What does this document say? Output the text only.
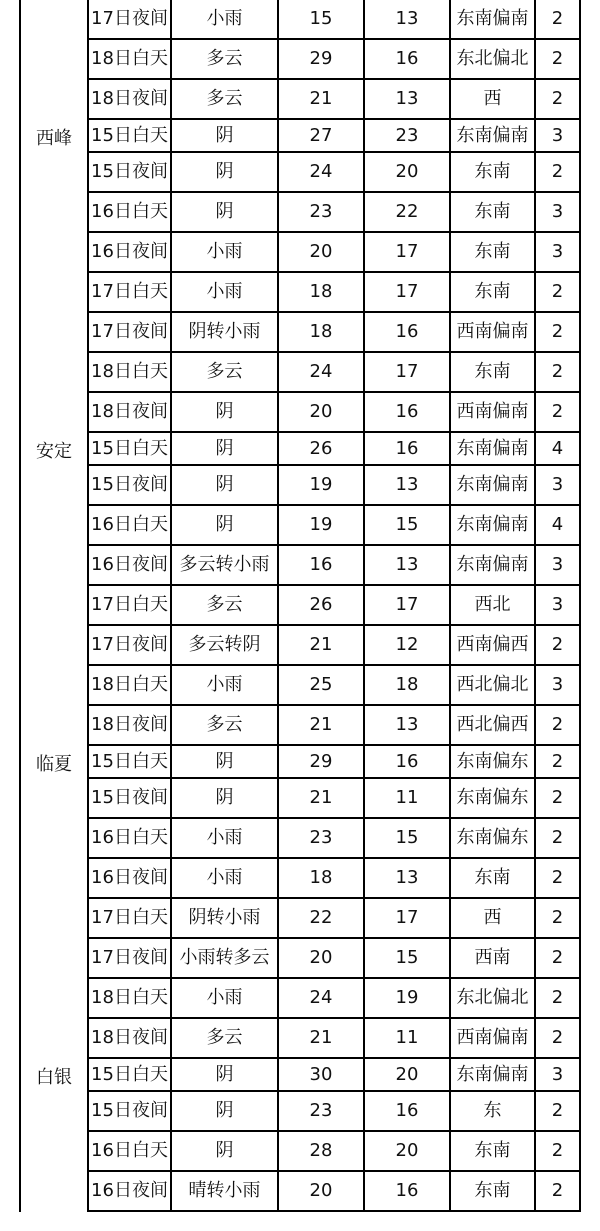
	17日夜间	小雨	15	13	东南偏南	2
	18日白天	多云	29	16	东北偏北	2
	18日夜间	多云	21	13	西	2
西峰	15日白天	阴	27	23	东南偏南	3
	15日夜间	阴	24	20	东南	2
	16日白天	阴	23	22	东南	3
	16日夜间	小雨	20	17	东南	3
	17日白天	小雨	18	17	东南	2
	17日夜间	阴转小雨	18	16	西南偏南	2
	18日白天	多云	24	17	东南	2
	18日夜间	阴	20	16	西南偏南	2
安定	15日白天	阴	26	16	东南偏南	4
	15日夜间	阴	19	13	东南偏南	3
	16日白天	阴	19	15	东南偏南	4
	16日夜间	多云转小雨	16	13	东南偏南	3
	17日白天	多云	26	17	西北	3
	17日夜间	多云转阴	21	12	西南偏西	2
	18日白天	小雨	25	18	西北偏北	3
	18日夜间	多云	21	13	西北偏西	2
临夏	15日白天	阴	29	16	东南偏东	2
	15日夜间	阴	21	11	东南偏东	2
	16日白天	小雨	23	15	东南偏东	2
	16日夜间	小雨	18	13	东南	2
	17日白天	阴转小雨	22	17	西	2
	17日夜间	小雨转多云	20	15	西南	2
	18日白天	小雨	24	19	东北偏北	2
	18日夜间	多云	21	11	西南偏南	2
白银	15日白天	阴	30	20	东南偏南	3
	15日夜间	阴	23	16	东	2
	16日白天	阴	28	20	东南	2
	16日夜间	晴转小雨	20	16	东南	2
